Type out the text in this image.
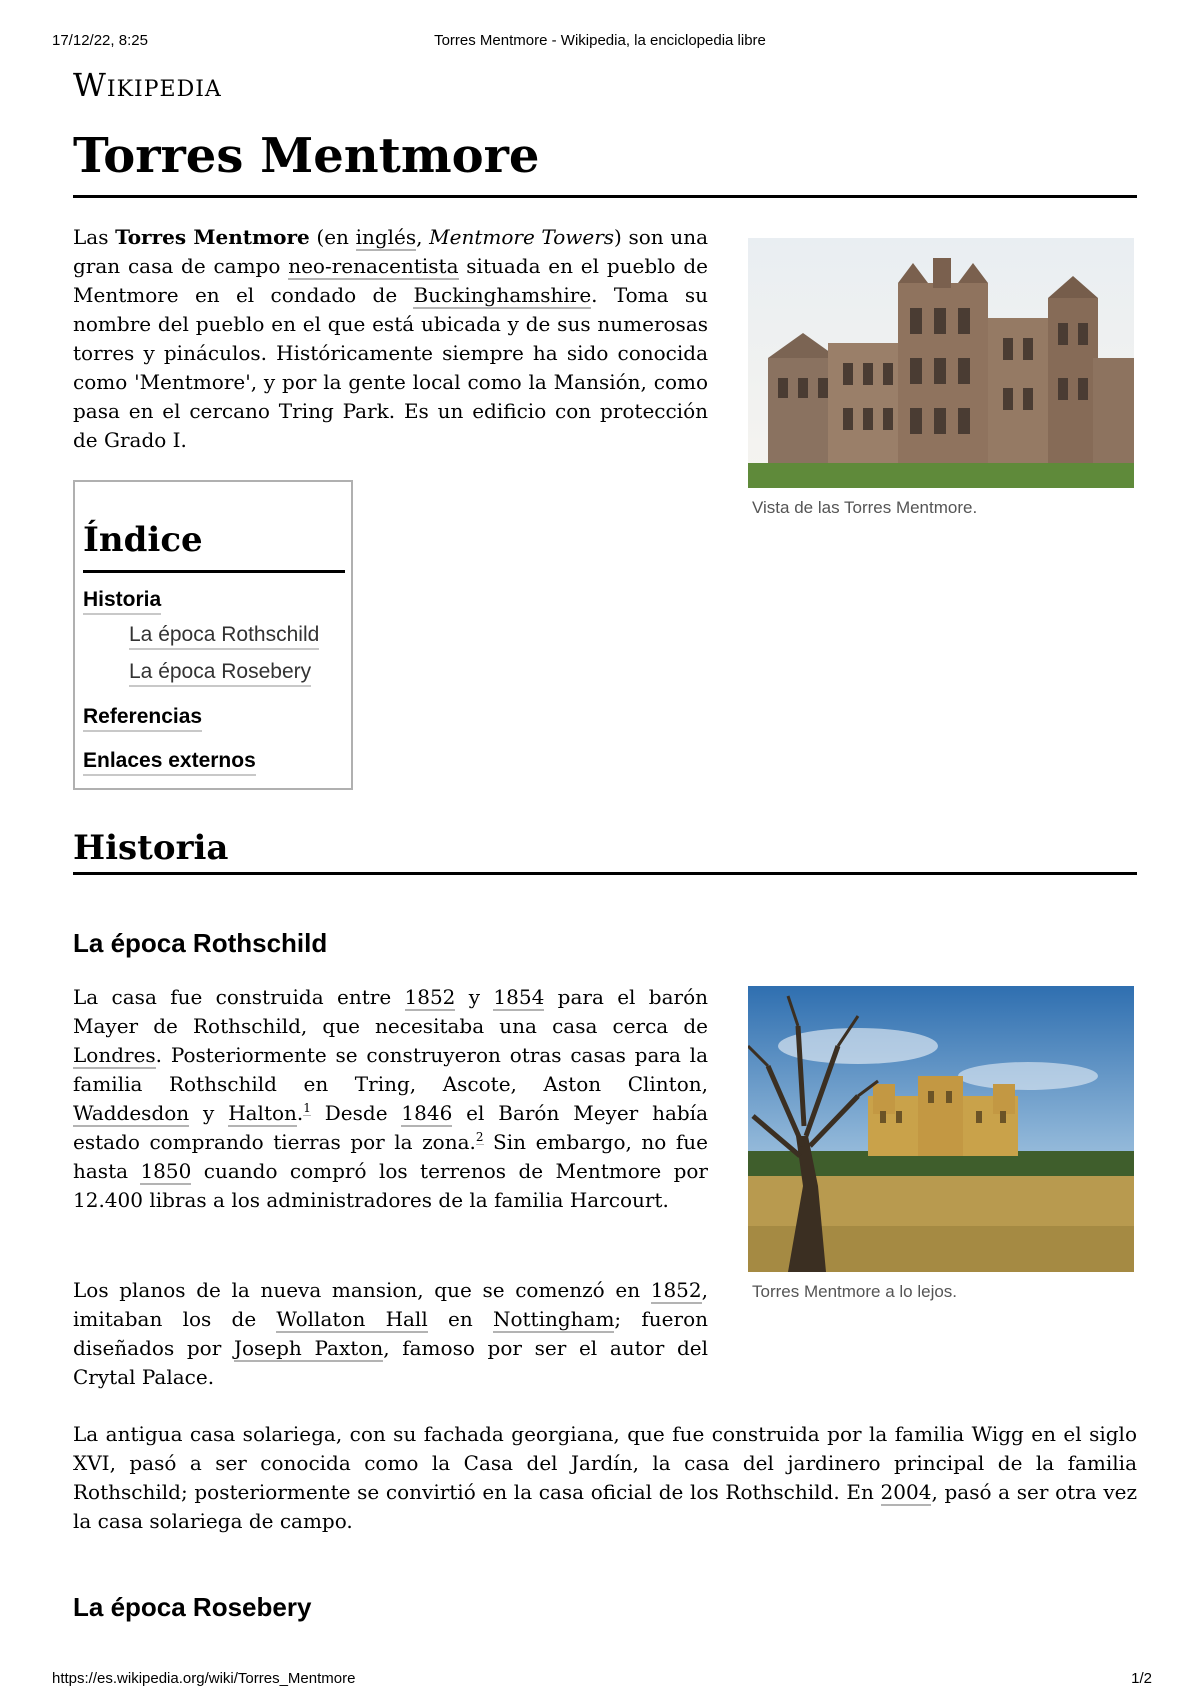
Torres Mentmore - Wikipedia, la enciclopedia libre
17/12/22, 8:25
Wikipedia
Torres Mentmore

Las Torres Mentmore (en inglés, Mentmore Towers) son una gran casa de campo neo-renacentista situada en el pueblo de Mentmore en el condado de Buckinghamshire. Toma su nombre del pueblo en el que está ubicada y de sus numerosas torres y pináculos. Históricamente siempre ha sido conocida como 'Mentmore', y por la gente local como la Mansión, como pasa en el cercano Tring Park. Es un edificio con protección de Grado I.

Vista de las Torres Mentmore.
Índice
Historia
La época Rothschild
La época Rosebery
Referencias
Enlaces externos
Historia
La época Rothschild
Torres Mentmore a lo lejos.

La casa fue construida entre 1852 y 1854 para el barón Mayer de Rothschild, que necesitaba una casa cerca de Londres. Posteriormente se construyeron otras casas para la familia Rothschild en Tring, Ascote, Aston Clinton, Waddesdon y Halton.$^1$ Desde 1846 el Barón Meyer había estado comprando tierras por la zona.$^2$ Sin embargo, no fue hasta 1850 cuando compró los terrenos de Mentmore por 12.400 libras a los administradores de la familia Harcourt.

Los planos de la nueva mansion, que se comenzó en 1852, imitaban los de Wollaton Hall en Nottingham; fueron diseñados por Joseph Paxton, famoso por ser el autor del Crytal Palace.

La antigua casa solariega, con su fachada georgiana, que fue construida por la familia Wigg en el siglo XVI, pasó a ser conocida como la Casa del Jardín, la casa del jardinero principal de la familia Rothschild; posteriormente se convirtió en la casa oficial de los Rothschild. En 2004, pasó a ser otra vez la casa solariega de campo.

La época Rosebery
https://es.wikipedia.org/wiki/Torres_Mentmore	1/2
